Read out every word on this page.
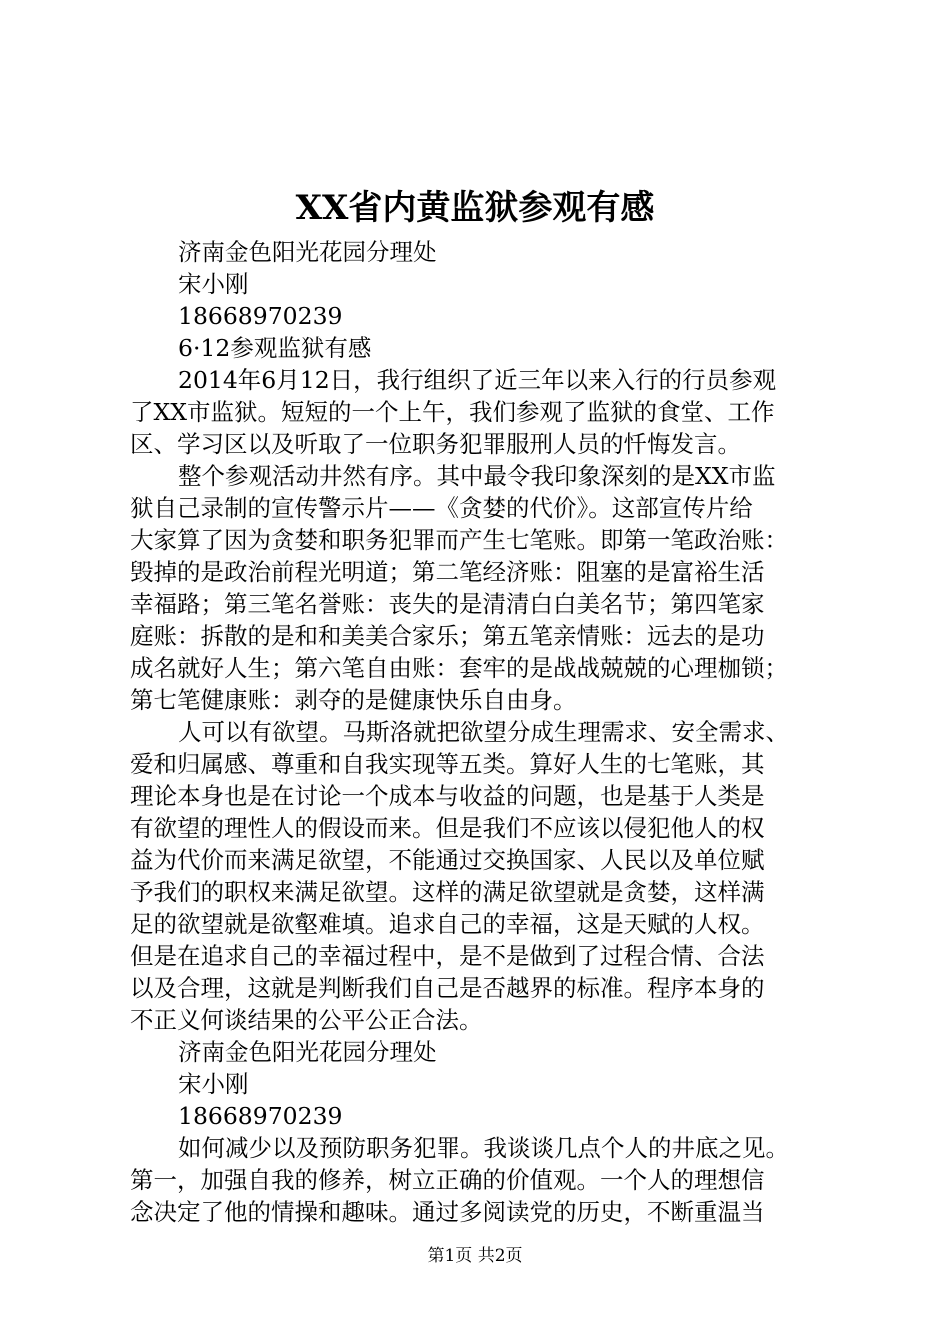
XX省内黄监狱参观有感
济南金色阳光花园分理处
宋小刚
18668970239
6·12参观监狱有感
2014年6月12日，我行组织了近三年以来入行的行员参观
了XX市监狱。短短的一个上午，我们参观了监狱的食堂、工作
区、学习区以及听取了一位职务犯罪服刑人员的忏悔发言。
整个参观活动井然有序。其中最令我印象深刻的是XX市监
狱自己录制的宣传警示片——《贪婪的代价》。这部宣传片给
大家算了因为贪婪和职务犯罪而产生七笔账。即第一笔政治账：
毁掉的是政治前程光明道；第二笔经济账：阻塞的是富裕生活
幸福路；第三笔名誉账：丧失的是清清白白美名节；第四笔家
庭账：拆散的是和和美美合家乐；第五笔亲情账：远去的是功
成名就好人生；第六笔自由账：套牢的是战战兢兢的心理枷锁；
第七笔健康账：剥夺的是健康快乐自由身。
人可以有欲望。马斯洛就把欲望分成生理需求、安全需求、
爱和归属感、尊重和自我实现等五类。算好人生的七笔账，其
理论本身也是在讨论一个成本与收益的问题，也是基于人类是
有欲望的理性人的假设而来。但是我们不应该以侵犯他人的权
益为代价而来满足欲望，不能通过交换国家、人民以及单位赋
予我们的职权来满足欲望。这样的满足欲望就是贪婪，这样满
足的欲望就是欲壑难填。追求自己的幸福，这是天赋的人权。
但是在追求自己的幸福过程中，是不是做到了过程合情、合法
以及合理，这就是判断我们自己是否越界的标准。程序本身的
不正义何谈结果的公平公正合法。
济南金色阳光花园分理处
宋小刚
18668970239
如何减少以及预防职务犯罪。我谈谈几点个人的井底之见。
第一，加强自我的修养，树立正确的价值观。一个人的理想信
念决定了他的情操和趣味。通过多阅读党的历史，不断重温当
第1页 共2页
